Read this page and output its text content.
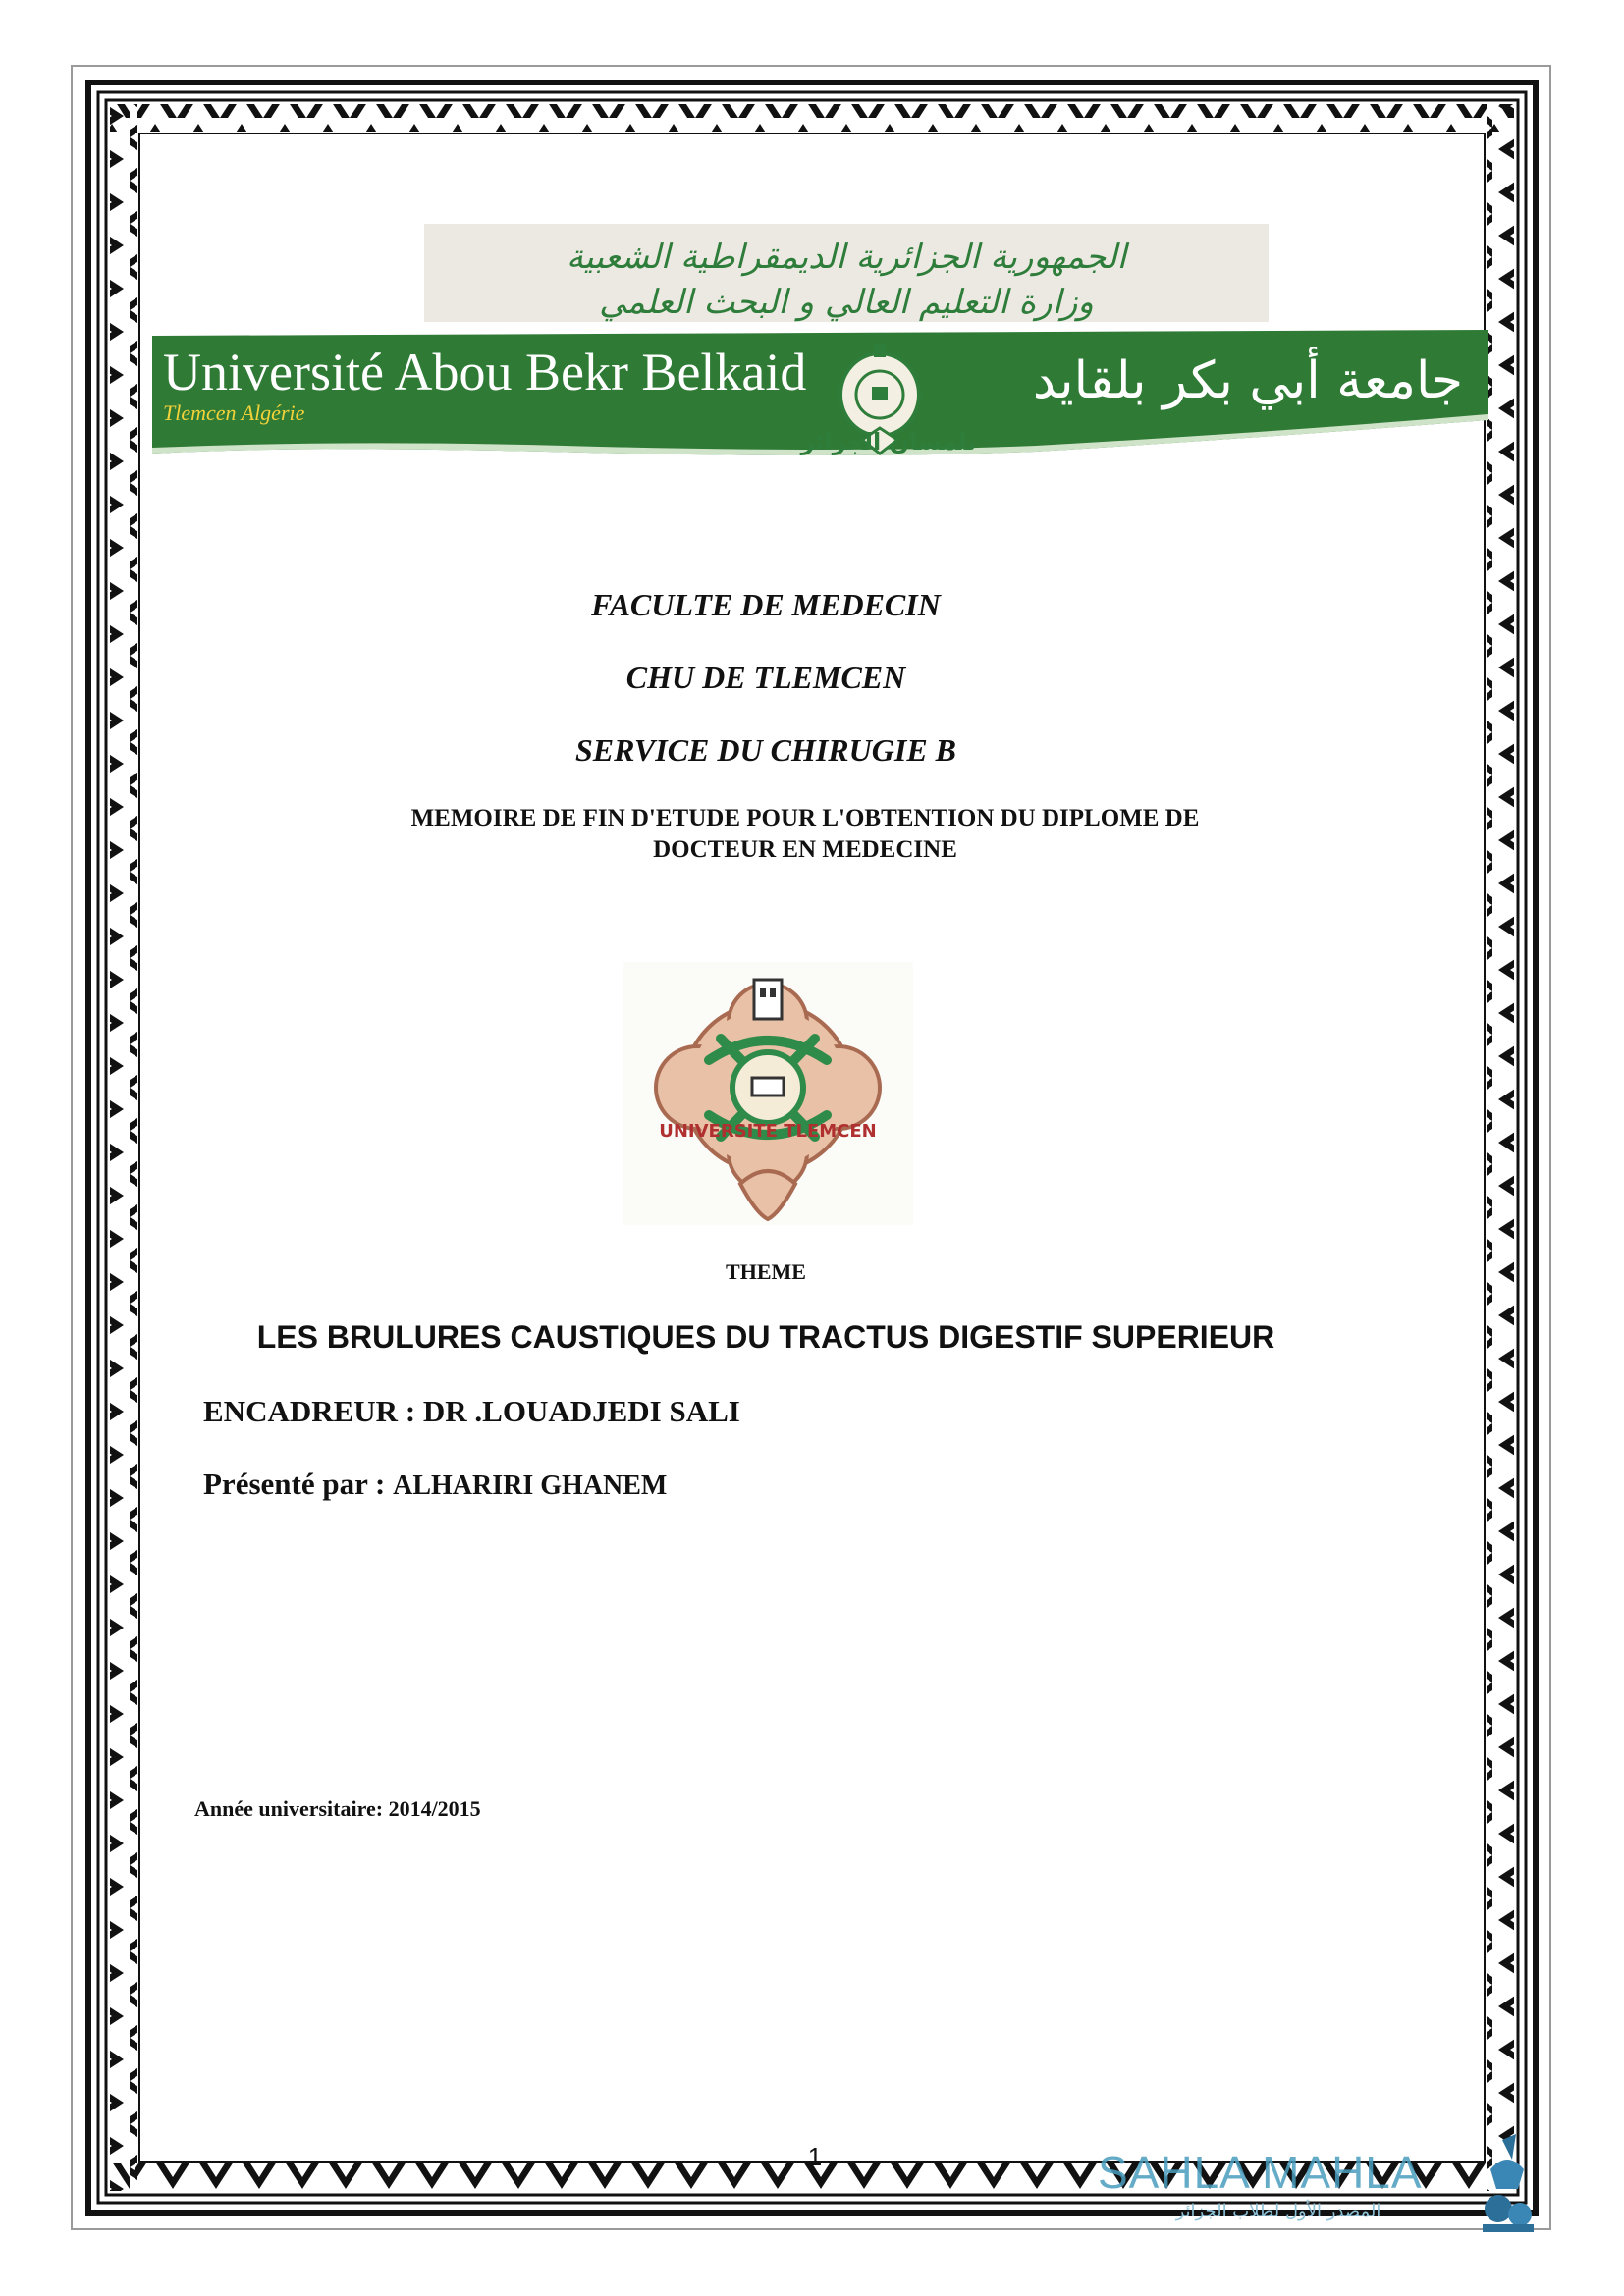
الجمهورية الجزائرية الديمقراطية الشعبية
وزارة التعليم العالي و البحث العلمي
Université Abou Bekr Belkaid
Tlemcen Algérie
جامعة أبي بكر بلقايد
تلمسان الجزائر
FACULTE DE MEDECIN
CHU DE TLEMCEN
SERVICE DU CHIRUGIE B
MEMOIRE DE FIN D'ETUDE POUR L'OBTENTION DU DIPLOME DE
DOCTEUR EN MEDECINE
UNIVERSITE TLEMCEN
THEME
LES BRULURES CAUSTIQUES DU TRACTUS DIGESTIF SUPERIEUR
ENCADREUR : DR .LOUADJEDI SALI
Présenté par : ALHARIRI GHANEM
Année universitaire: 2014/2015
1	SAHLA MAHLA
المصدر الأول لطلاب الجزائر
